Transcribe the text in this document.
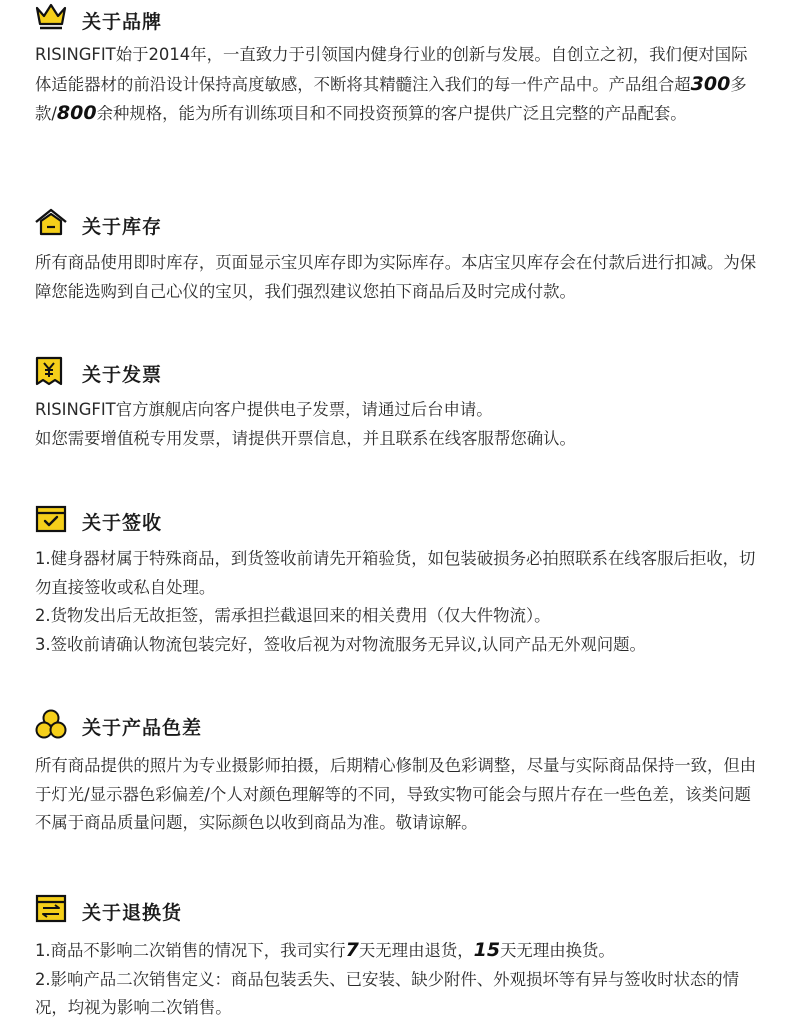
关于品牌

RISINGFIT始于2014年，一直致力于引领国内健身行业的创新与发展。自创立之初，我们便对国际体适能器材的前沿设计保持高度敏感，不断将其精髓注入我们的每一件产品中。产品组合超300多款/800余种规格，能为所有训练项目和不同投资预算的客户提供广泛且完整的产品配套。

关于库存

所有商品使用即时库存，页面显示宝贝库存即为实际库存。本店宝贝库存会在付款后进行扣减。为保障您能选购到自己心仪的宝贝，我们强烈建议您拍下商品后及时完成付款。

关于发票

RISINGFIT官方旗舰店向客户提供电子发票，请通过后台申请。

如您需要增值税专用发票，请提供开票信息，并且联系在线客服帮您确认。

关于签收

1.健身器材属于特殊商品，到货签收前请先开箱验货，如包装破损务必拍照联系在线客服后拒收，切勿直接签收或私自处理。

2.货物发出后无故拒签，需承担拦截退回来的相关费用（仅大件物流）。

3.签收前请确认物流包装完好，签收后视为对物流服务无异议,认同产品无外观问题。

关于产品色差

所有商品提供的照片为专业摄影师拍摄，后期精心修制及色彩调整，尽量与实际商品保持一致，但由于灯光/显示器色彩偏差/个人对颜色理解等的不同，导致实物可能会与照片存在一些色差，该类问题不属于商品质量问题，实际颜色以收到商品为准。敬请谅解。

关于退换货

1.商品不影响二次销售的情况下，我司实行7天无理由退货，15天无理由换货。

2.影响产品二次销售定义：商品包装丢失、已安装、缺少附件、外观损坏等有异与签收时状态的情况，均视为影响二次销售。
